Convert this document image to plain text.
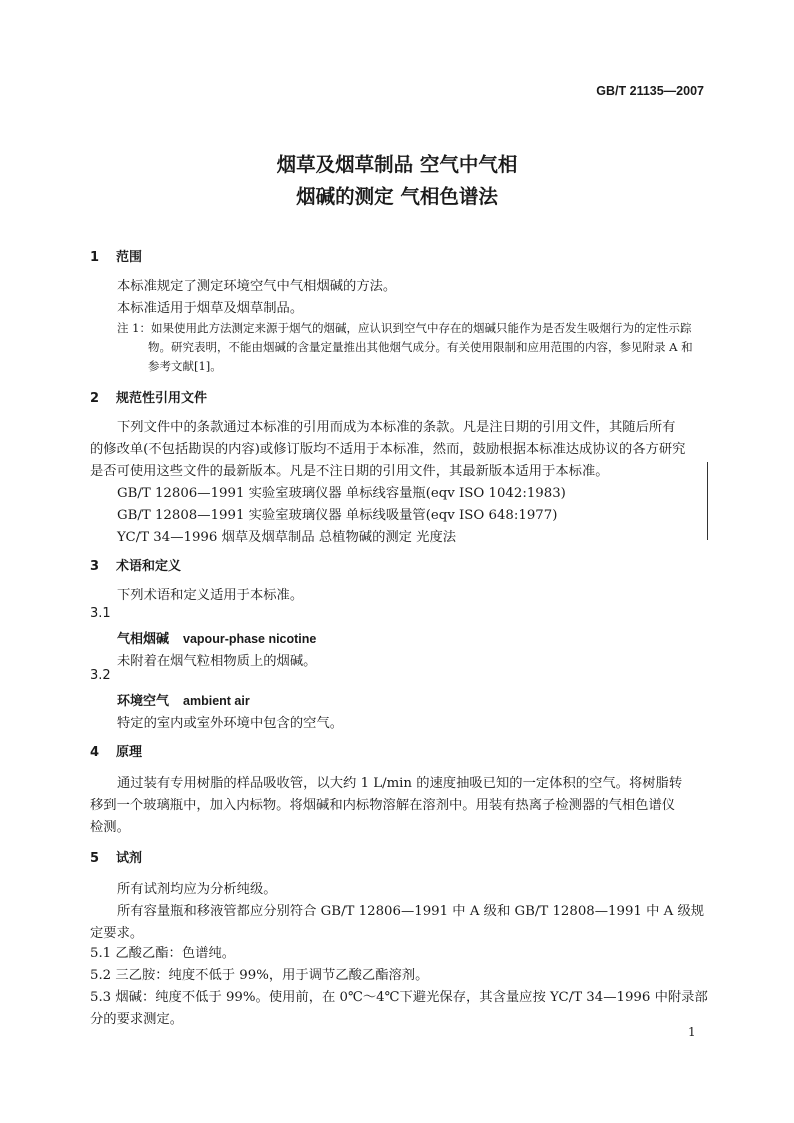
GB/T 21135—2007
烟草及烟草制品 空气中气相
烟碱的测定 气相色谱法
1 范围
本标准规定了测定环境空气中气相烟碱的方法。
本标准适用于烟草及烟草制品。
注 1：如果使用此方法测定来源于烟气的烟碱，应认识到空气中存在的烟碱只能作为是否发生吸烟行为的定性示踪
物。研究表明，不能由烟碱的含量定量推出其他烟气成分。有关使用限制和应用范围的内容，参见附录 A 和
参考文献[1]。
2 规范性引用文件
下列文件中的条款通过本标准的引用而成为本标准的条款。凡是注日期的引用文件，其随后所有
的修改单(不包括勘误的内容)或修订版均不适用于本标准，然而，鼓励根据本标准达成协议的各方研究
是否可使用这些文件的最新版本。凡是不注日期的引用文件，其最新版本适用于本标准。
GB/T 12806—1991 实验室玻璃仪器 单标线容量瓶(eqv ISO 1042:1983)
GB/T 12808—1991 实验室玻璃仪器 单标线吸量管(eqv ISO 648:1977)
YC/T 34—1996 烟草及烟草制品 总植物碱的测定 光度法
3 术语和定义
下列术语和定义适用于本标准。
3.1
气相烟碱 vapour-phase nicotine
未附着在烟气粒相物质上的烟碱。
3.2
环境空气 ambient air
特定的室内或室外环境中包含的空气。
4 原理
通过装有专用树脂的样品吸收管，以大约 1 L/min 的速度抽吸已知的一定体积的空气。将树脂转
移到一个玻璃瓶中，加入内标物。将烟碱和内标物溶解在溶剂中。用装有热离子检测器的气相色谱仪
检测。
5 试剂
所有试剂均应为分析纯级。
所有容量瓶和移液管都应分别符合 GB/T 12806—1991 中 A 级和 GB/T 12808—1991 中 A 级规
定要求。
5.1 乙酸乙酯：色谱纯。
5.2 三乙胺：纯度不低于 99%，用于调节乙酸乙酯溶剂。
5.3 烟碱：纯度不低于 99%。使用前，在 0℃～4℃下避光保存，其含量应按 YC/T 34—1996 中附录部
分的要求测定。
1
